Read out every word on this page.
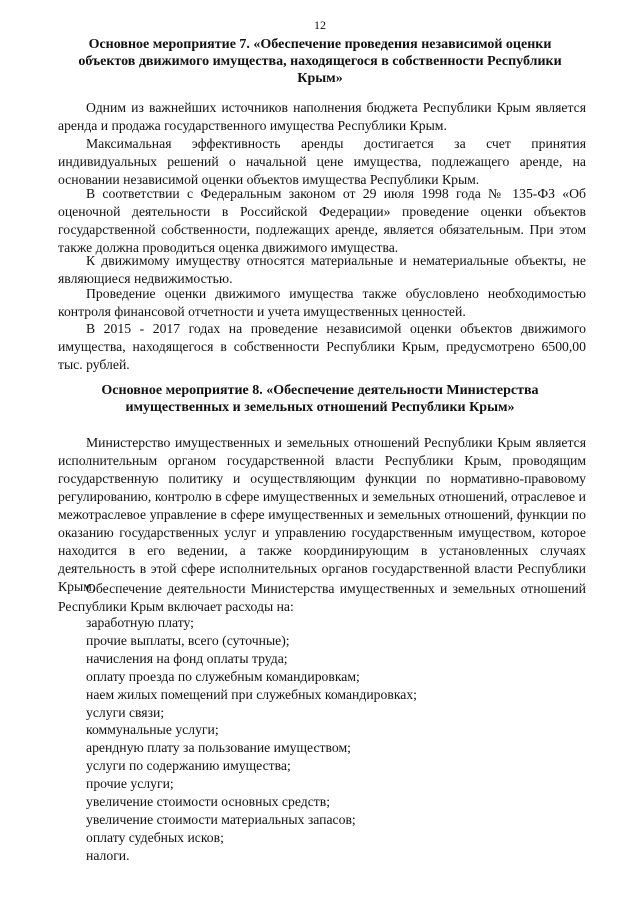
12
Основное мероприятие 7. «Обеспечение проведения независимой оценки объектов движимого имущества, находящегося в собственности Республики Крым»

Одним из важнейших источников наполнения бюджета Республики Крым является аренда и продажа государственного имущества Республики Крым.

Максимальная эффективность аренды достигается за счет принятия индивидуальных решений о начальной цене имущества, подлежащего аренде, на основании независимой оценки объектов имущества Республики Крым.

В соответствии с Федеральным законом от 29 июля 1998 года № 135-ФЗ «Об оценочной деятельности в Российской Федерации» проведение оценки объектов государственной собственности, подлежащих аренде, является обязательным. При этом также должна проводиться оценка движимого имущества.

К движимому имуществу относятся материальные и нематериальные объекты, не являющиеся недвижимостью.

Проведение оценки движимого имущества также обусловлено необходимостью контроля финансовой отчетности и учета имущественных ценностей.

В 2015 - 2017 годах на проведение независимой оценки объектов движимого имущества, находящегося в собственности Республики Крым, предусмотрено 6500,00 тыс. рублей.

Основное мероприятие 8. «Обеспечение деятельности Министерства имущественных и земельных отношений Республики Крым»

Министерство имущественных и земельных отношений Республики Крым является исполнительным органом государственной власти Республики Крым, проводящим государственную политику и осуществляющим функции по нормативно-правовому регулированию, контролю в сфере имущественных и земельных отношений, отраслевое и межотраслевое управление в сфере имущественных и земельных отношений, функции по оказанию государственных услуг и управлению государственным имуществом, которое находится в его ведении, а также координирующим в установленных случаях деятельность в этой сфере исполнительных органов государственной власти Республики Крым.

Обеспечение деятельности Министерства имущественных и земельных отношений Республики Крым включает расходы на:

заработную плату;
прочие выплаты, всего (суточные);
начисления на фонд оплаты труда;
оплату проезда по служебным командировкам;
наем жилых помещений при служебных командировках;
услуги связи;
коммунальные услуги;
арендную плату за пользование имуществом;
услуги по содержанию имущества;
прочие услуги;
увеличение стоимости основных средств;
увеличение стоимости материальных запасов;
оплату судебных исков;
налоги.
